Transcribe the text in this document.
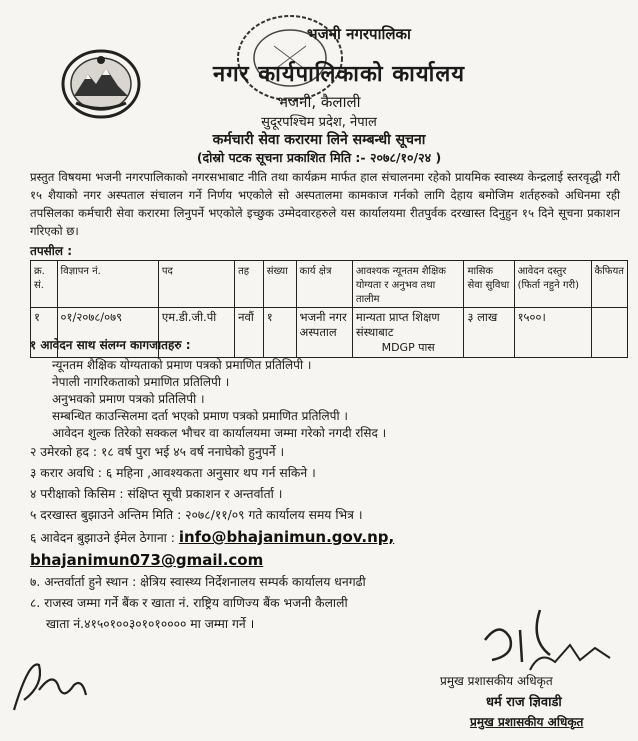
भजनी नगरपालिका
नगर कार्यपालिकाको कार्यालय
भजनी, कैलाली
सुदूरपश्चिम प्रदेश, नेपाल
कर्मचारी सेवा करारमा लिने सम्बन्धी सूचना
(दोस्रो पटक सूचना प्रकाशित मिति :- २०७८/१०/२४ )
प्रस्तुत विषयमा भजनी नगरपालिकाको नगरसभाबाट नीति तथा कार्यक्रम मार्फत हाल संचालनमा रहेको प्रायमिक स्वास्थ्य केन्द्रलाई स्तरवृद्धी गरी १५ शैयाको नगर अस्पताल संचालन गर्ने निर्णय भएकोले सो अस्पतालमा कामकाज गर्नको लागि देहाय बमोजिम शर्तहरुको अधिनमा रही तपसिलका कर्मचारी सेवा करारमा लिनुपर्ने भएकोले इच्छुक उम्मेदवारहरुले यस कार्यालयमा रीतपुर्वक दरखास्त दिनुहुन १५ दिने सूचना प्रकाशन गरिएको छ।
तपसील :
क्र. सं.	विज्ञापन नं.	पद	तह	संख्या	कार्य क्षेत्र	आवश्यक न्यूनतम शैक्षिक योग्यता र अनुभव तथा तालीम	मासिक सेवा सुविधा	आवेदन दस्तुर (फिर्ता नहुने गरी)	कैफियत
१	०१/२०७८/०७९	एम.डी.जी.पी	नवौं	१	भजनी नगर अस्पताल	मान्यता प्राप्त शिक्षण संस्थाबाट
MDGP पास	३ लाख	१५००।	
१ आवेदन साथ संलग्न कागजातहरु :
न्यूनतम शैक्षिक योग्यताको प्रमाण पत्रको प्रमाणित प्रतिलिपी ।
नेपाली नागरिकताको प्रमाणित प्रतिलिपी ।
अनुभवको प्रमाण पत्रको प्रतिलिपी ।
सम्बन्धित काउन्सिलमा दर्ता भएको प्रमाण पत्रको प्रमाणित प्रतिलिपी ।
आवेदन शुल्क तिरेको सक्कल भौचर वा कार्यालयमा जम्मा गरेको नगदी रसिद ।
२ उमेरको हद : १८ वर्ष पुरा भई ४५ वर्ष ननाघेको हुनुपर्ने ।
३ करार अवधि : ६ महिना ,आवश्यकता अनुसार थप गर्न सकिने ।
४ परीक्षाको किसिम : संक्षिप्त सूची प्रकाशन र अन्तर्वार्ता ।
५ दरखास्त बुझाउने अन्तिम मिति : २०७८/११/०९ गते कार्यालय समय भित्र ।
६ आवेदन बुझाउने ईमेल ठेगाना : info@bhajanimun.gov.np,
bhajanimun073@gmail.com
७. अन्तर्वार्ता हुने स्थान : क्षेत्रिय स्वास्थ्य निर्देशनालय सम्पर्क कार्यालय धनगढी
८. राजस्व जम्मा गर्ने बैंक र खाता नं. राष्ट्रिय वाणिज्य बैंक भजनी कैलाली
खाता नं.४१५०१००३०१०१०००० मा जम्मा गर्ने ।
प्रमुख प्रशासकीय अधिकृत
धर्म राज ज्ञिवाडी
प्रमुख प्रशासकीय अधिकृत
